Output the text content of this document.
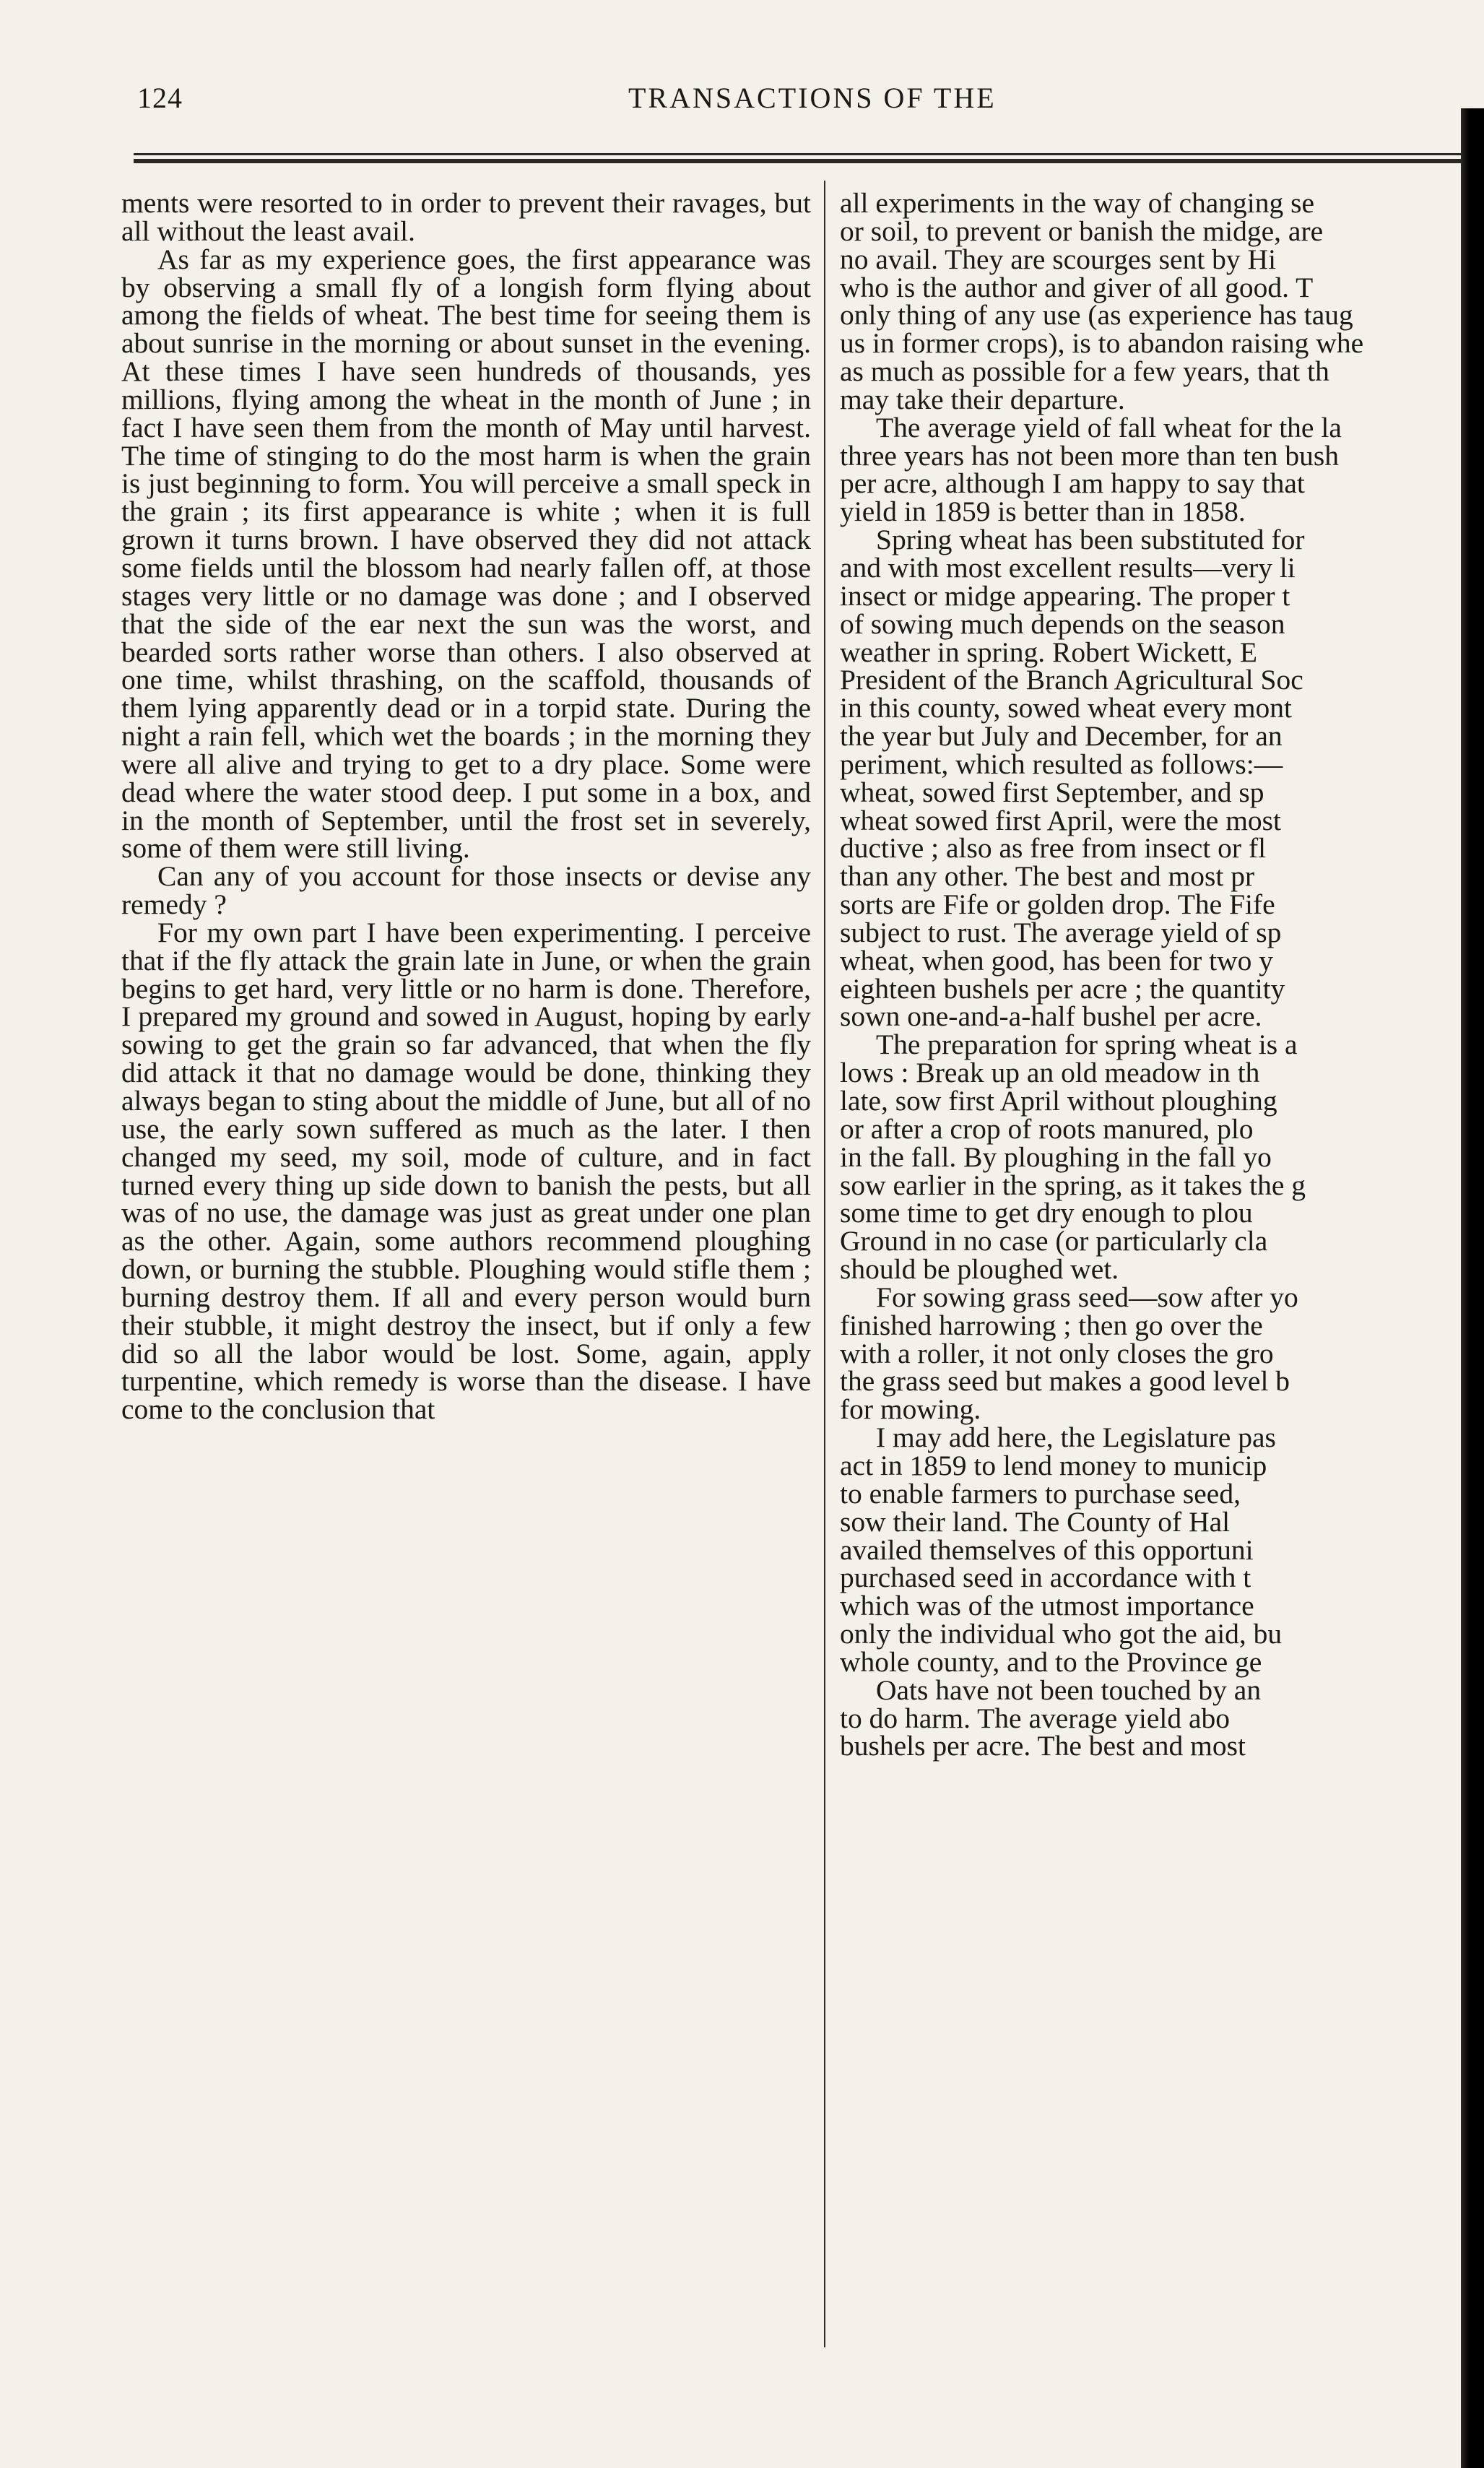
124	TRANSACTIONS OF THE

ments were resorted to in order to prevent their ravages, but all without the least avail.

As far as my experience goes, the first appearance was by observing a small fly of a longish form flying about among the fields of wheat. The best time for seeing them is about sunrise in the morning or about sunset in the evening. At these times I have seen hundreds of thousands, yes millions, flying among the wheat in the month of June ; in fact I have seen them from the month of May until harvest. The time of stinging to do the most harm is when the grain is just beginning to form. You will perceive a small speck in the grain ; its first appearance is white ; when it is full grown it turns brown. I have observed they did not attack some fields until the blossom had nearly fallen off, at those stages very little or no damage was done ; and I observed that the side of the ear next the sun was the worst, and bearded sorts rather worse than others. I also observed at one time, whilst thrashing, on the scaffold, thousands of them lying apparently dead or in a torpid state. During the night a rain fell, which wet the boards ; in the morning they were all alive and trying to get to a dry place. Some were dead where the water stood deep. I put some in a box, and in the month of September, until the frost set in severely, some of them were still living.

Can any of you account for those insects or devise any remedy ?

For my own part I have been experimenting. I perceive that if the fly attack the grain late in June, or when the grain begins to get hard, very little or no harm is done. Therefore, I prepared my ground and sowed in August, hoping by early sowing to get the grain so far advanced, that when the fly did attack it that no damage would be done, thinking they always began to sting about the middle of June, but all of no use, the early sown suffered as much as the later. I then changed my seed, my soil, mode of culture, and in fact turned every thing up side down to banish the pests, but all was of no use, the damage was just as great under one plan as the other. Again, some authors recommend ploughing down, or burning the stubble. Ploughing would stifle them ; burning destroy them. If all and every person would burn their stubble, it might destroy the insect, but if only a few did so all the labor would be lost. Some, again, apply turpentine, which remedy is worse than the disease. I have come to the conclusion that

all experiments in the way of changing se
or soil, to prevent or banish the midge, are
no avail. They are scourges sent by Hi
who is the author and giver of all good. T
only thing of any use (as experience has taug
us in former crops), is to abandon raising whe
as much as possible for a few years, that th
may take their departure.
The average yield of fall wheat for the la
three years has not been more than ten bush
per acre, although I am happy to say that
yield in 1859 is better than in 1858.
Spring wheat has been substituted for
and with most excellent results—very li
insect or midge appearing. The proper t
of sowing much depends on the season
weather in spring. Robert Wickett, E
President of the Branch Agricultural Soc
in this county, sowed wheat every mont
the year but July and December, for an
periment, which resulted as follows:—
wheat, sowed first September, and sp
wheat sowed first April, were the most
ductive ; also as free from insect or fl
than any other. The best and most pr
sorts are Fife or golden drop. The Fife
subject to rust. The average yield of sp
wheat, when good, has been for two y
eighteen bushels per acre ; the quantity
sown one-and-a-half bushel per acre.
The preparation for spring wheat is a
lows : Break up an old meadow in th
late, sow first April without ploughing
or after a crop of roots manured, plo
in the fall. By ploughing in the fall yo
sow earlier in the spring, as it takes the g
some time to get dry enough to plou
Ground in no case (or particularly cla
should be ploughed wet.
For sowing grass seed—sow after yo
finished harrowing ; then go over the
with a roller, it not only closes the gro
the grass seed but makes a good level b
for mowing.
I may add here, the Legislature pas
act in 1859 to lend money to municip
to enable farmers to purchase seed,
sow their land. The County of Hal
availed themselves of this opportuni
purchased seed in accordance with t
which was of the utmost importance
only the individual who got the aid, bu
whole county, and to the Province ge
Oats have not been touched by an
to do harm. The average yield abo
bushels per acre. The best and most
